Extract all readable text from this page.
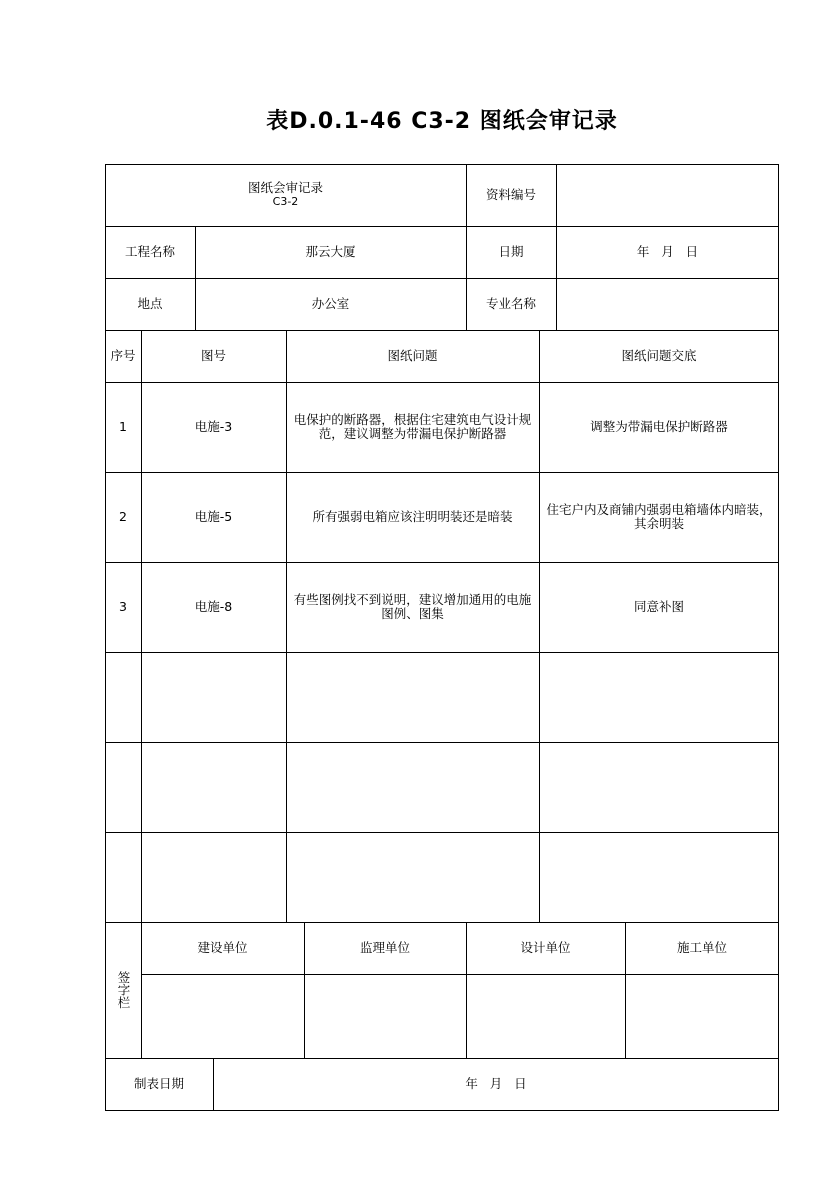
表D.0.1-46 C3-2 图纸会审记录
图纸会审记录
C3-2	资料编号
工程名称	那云大厦	日期	年   月   日
地点	办公室	专业名称
序号	图号	图纸问题	图纸问题交底
1	电施-3	电保护的断路器，根据住宅建筑电气设计规范，建议调整为带漏电保护断路器	调整为带漏电保护断路器
2	电施-5	所有强弱电箱应该注明明装还是暗装	住宅户内及商铺内强弱电箱墙体内暗装，其余明装
3	电施-8	有些图例找不到说明，建议增加通用的电施图例、图集	同意补图
签字栏
建设单位	监理单位	设计单位	施工单位
制表日期	年   月   日
